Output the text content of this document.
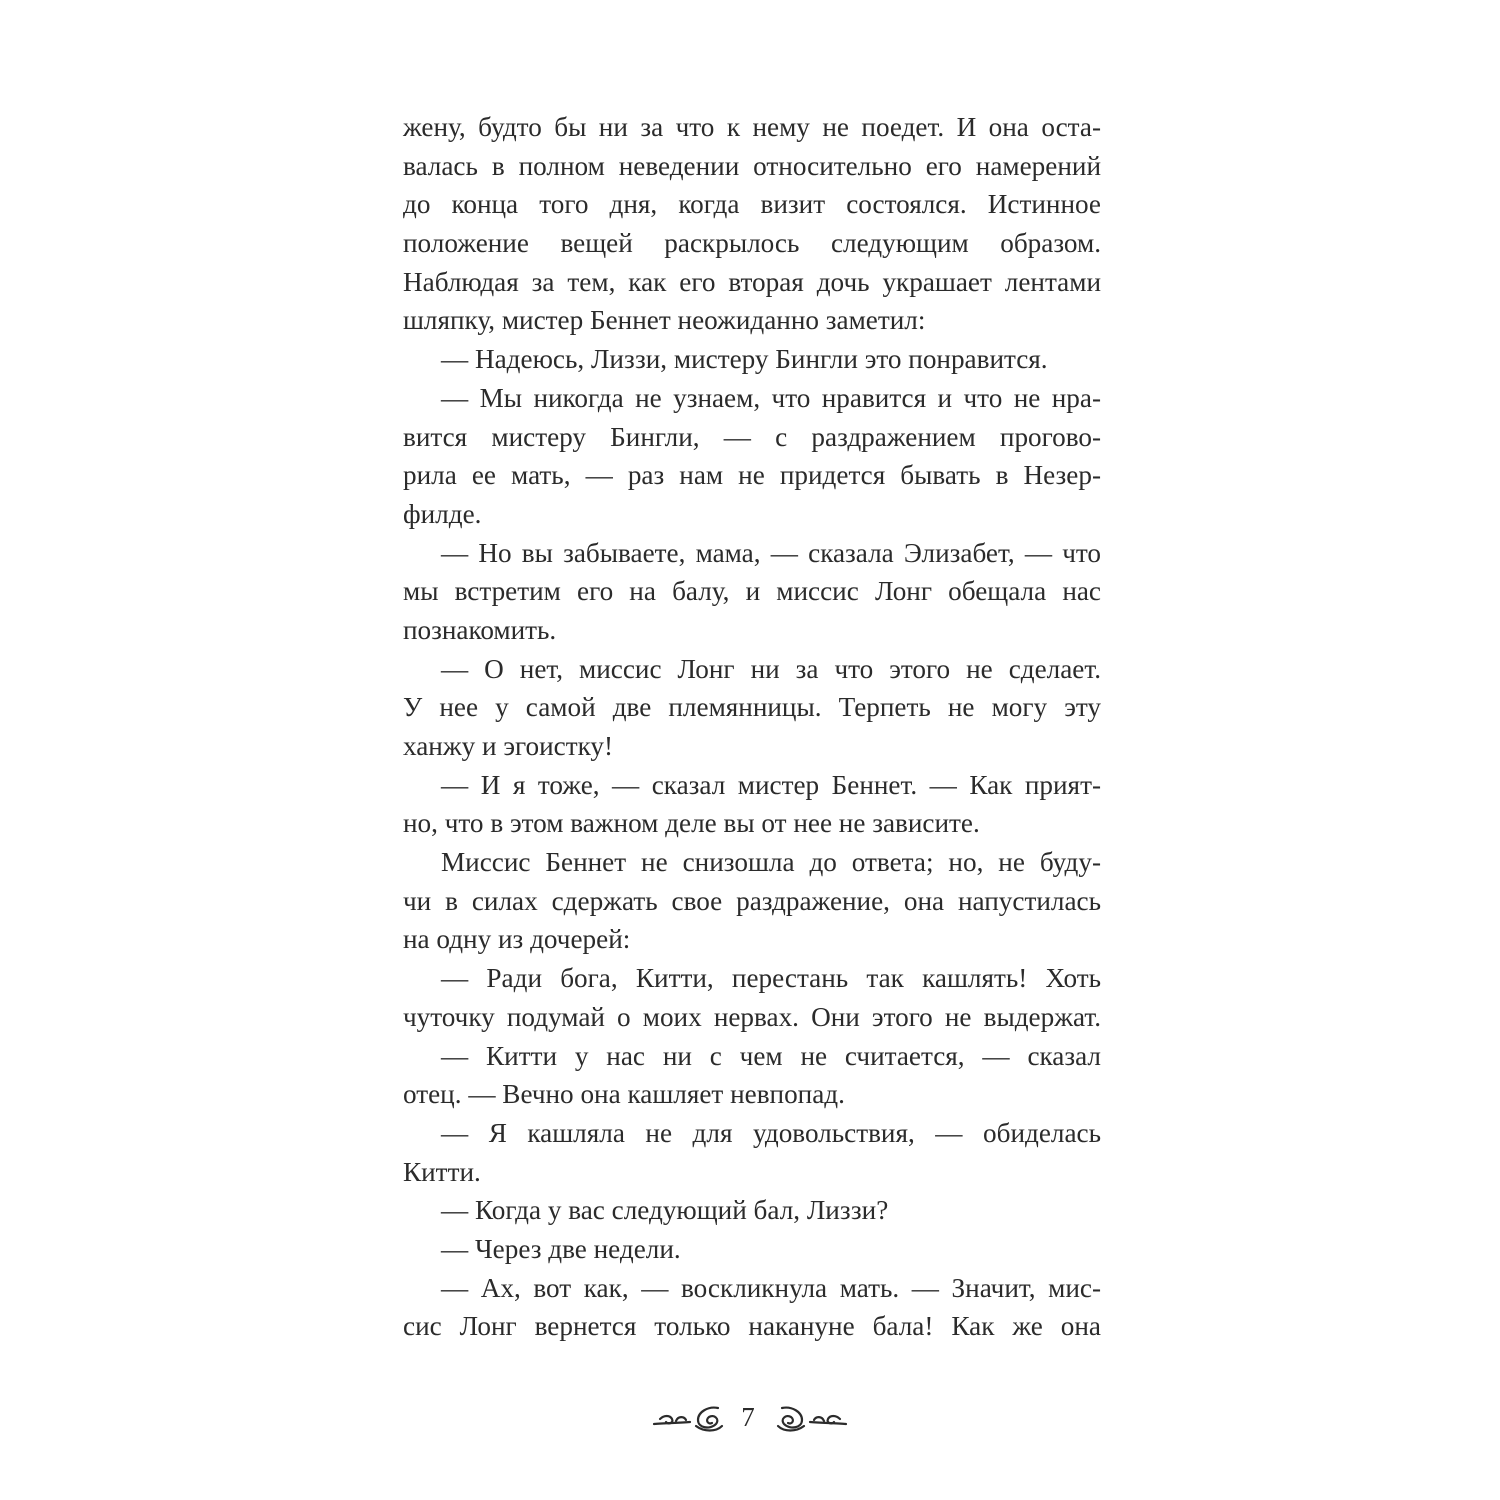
жену, будто бы ни за что к нему не поедет. И она оста-
валась в полном неведении относительно его намерений
до конца того дня, когда визит состоялся. Истинное
положение вещей раскрылось следующим образом.
Наблюдая за тем, как его вторая дочь украшает лентами
шляпку, мистер Беннет неожиданно заметил:
— Надеюсь, Лиззи, мистеру Бингли это понравится.
— Мы никогда не узнаем, что нравится и что не нра-
вится мистеру Бингли, — с раздражением прогово-
рила ее мать, — раз нам не придется бывать в Незер-
филде.
— Но вы забываете, мама, — сказала Элизабет, — что
мы встретим его на балу, и миссис Лонг обещала нас
познакомить.
— О нет, миссис Лонг ни за что этого не сделает.
У нее у самой две племянницы. Терпеть не могу эту
ханжу и эгоистку!
— И я тоже, — сказал мистер Беннет. — Как прият-
но, что в этом важном деле вы от нее не зависите.
Миссис Беннет не снизошла до ответа; но, не буду-
чи в силах сдержать свое раздражение, она напустилась
на одну из дочерей:
— Ради бога, Китти, перестань так кашлять! Хоть
чуточку подумай о моих нервах. Они этого не выдержат.
— Китти у нас ни с чем не считается, — сказал
отец. — Вечно она кашляет невпопад.
— Я кашляла не для удовольствия, — обиделась
Китти.
— Когда у вас следующий бал, Лиззи?
— Через две недели.
— Ах, вот как, — воскликнула мать. — Значит, мис-
сис Лонг вернется только накануне бала! Как же она
7
